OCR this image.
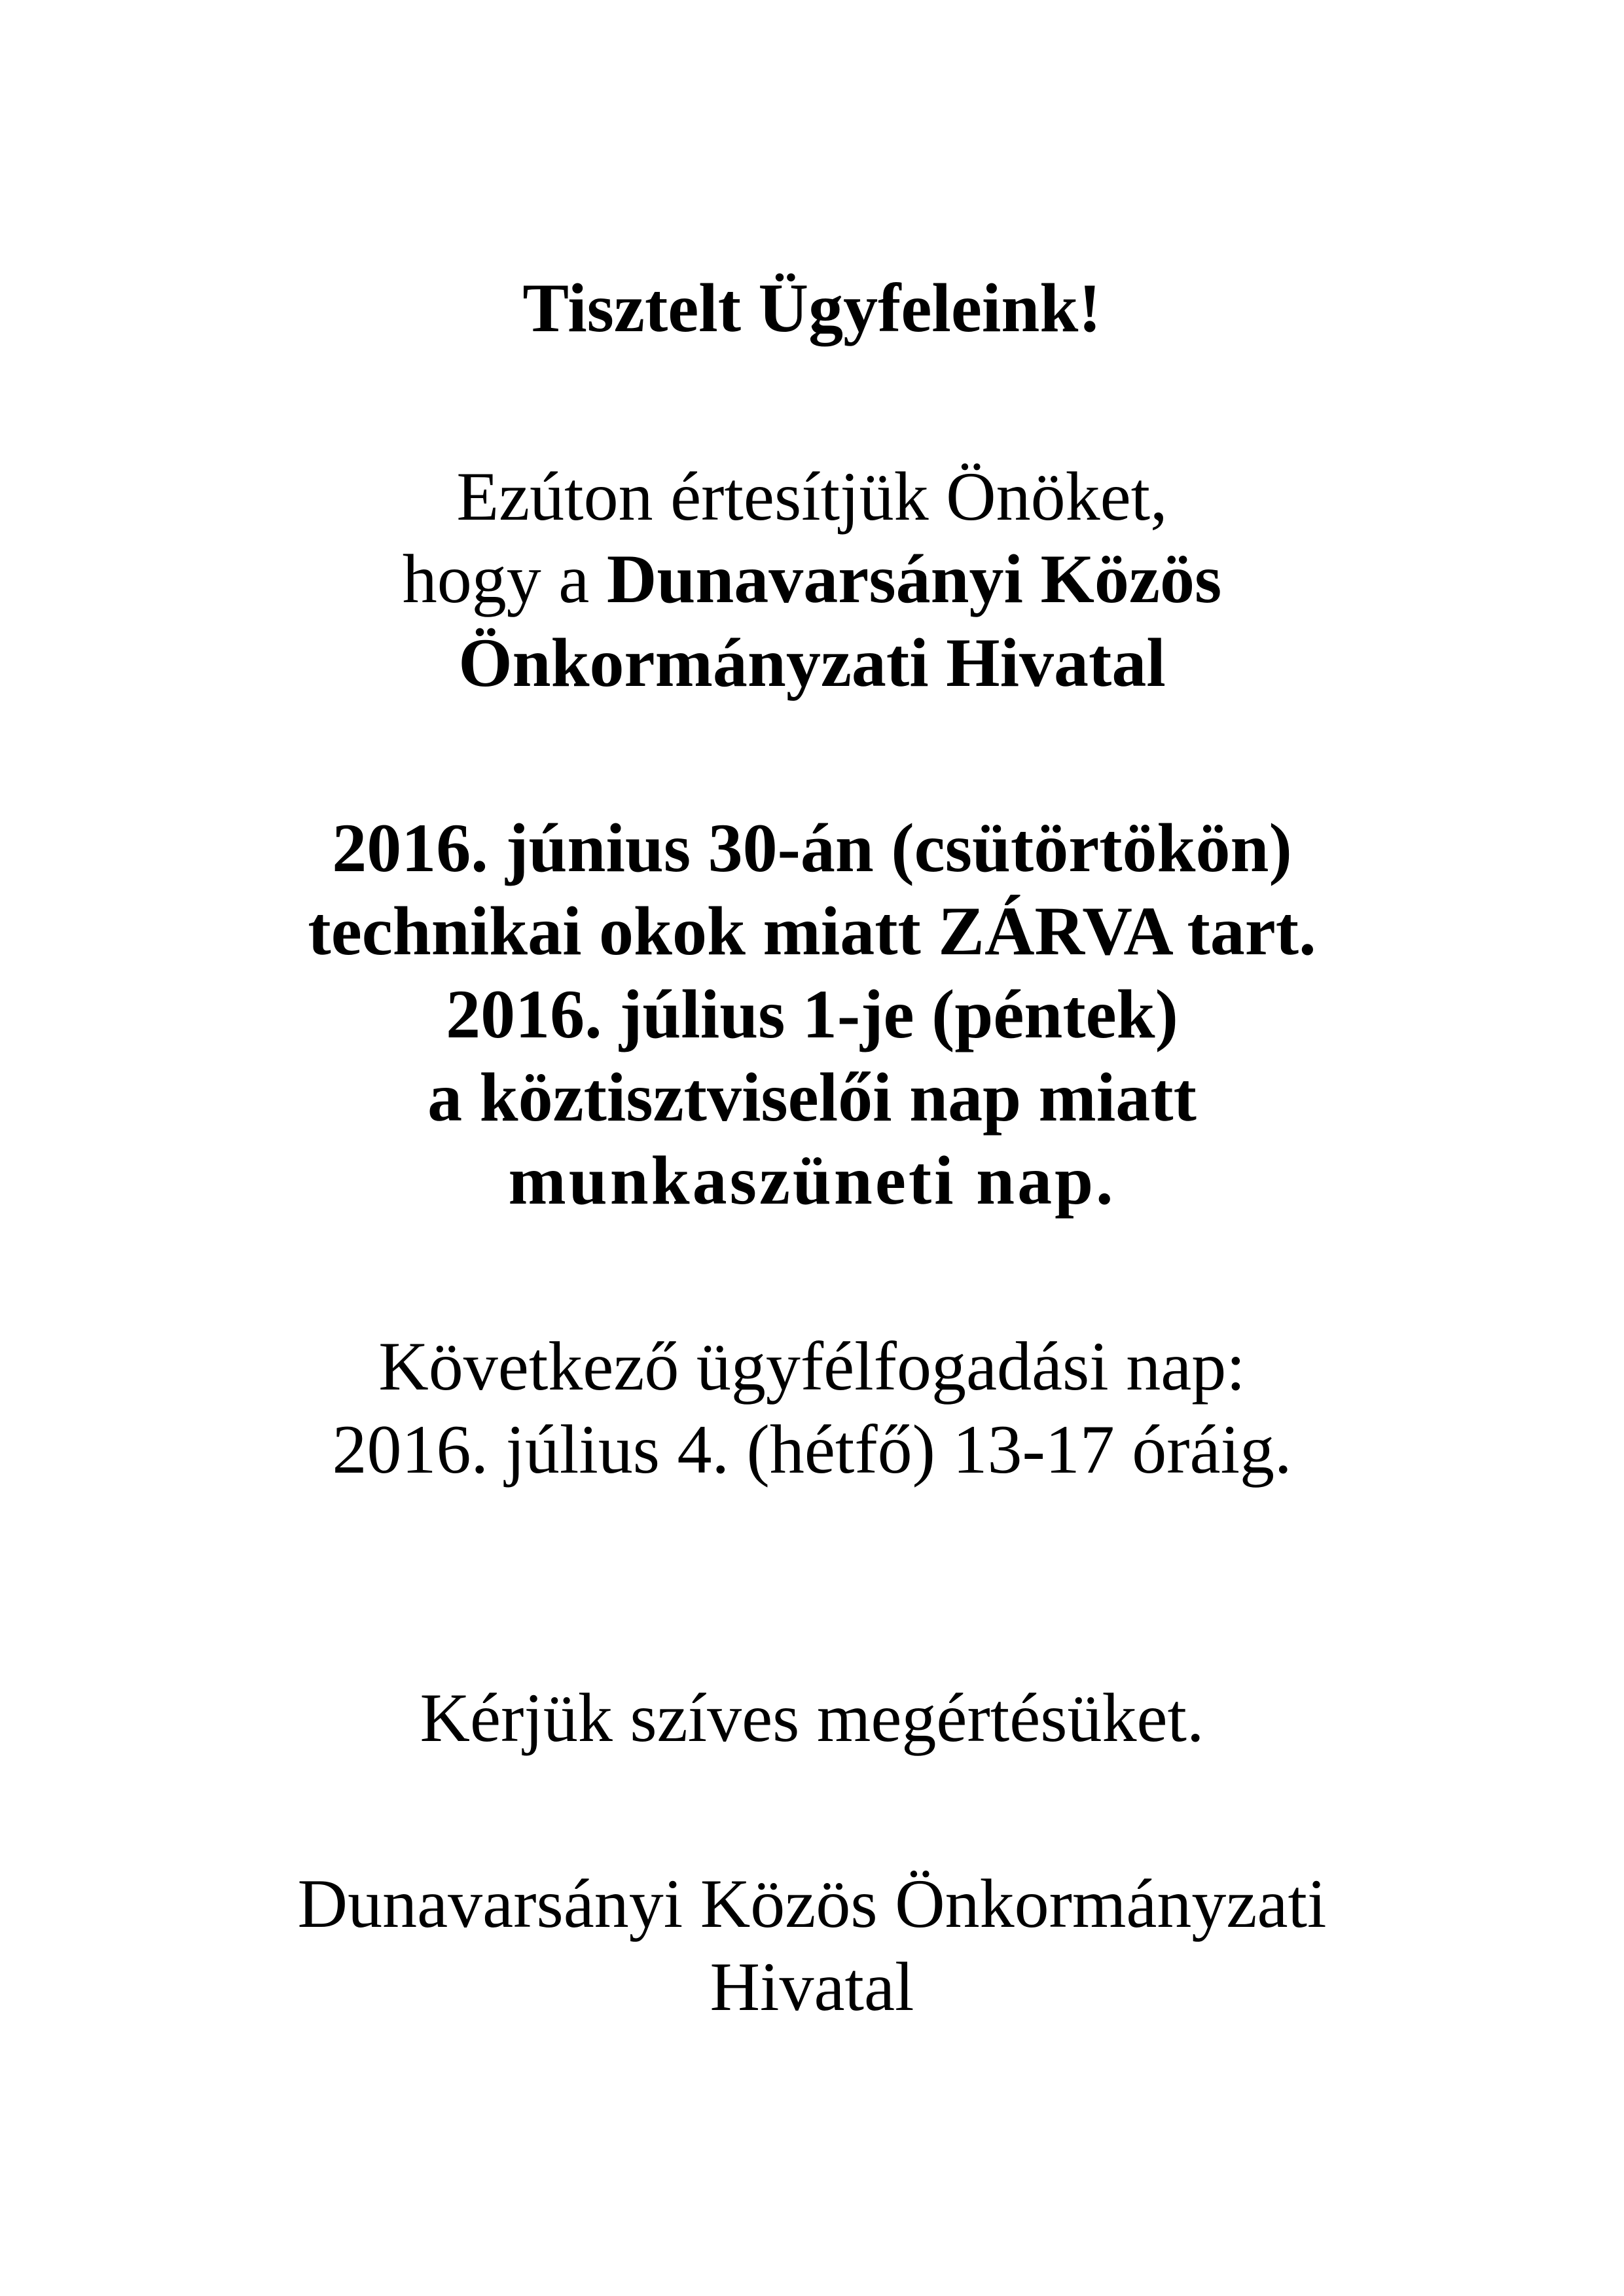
Tisztelt Ügyfeleink!
Ezúton értesítjük Önöket,
hogy a Dunavarsányi Közös
Önkormányzati Hivatal
2016. június 30-án (csütörtökön)
technikai okok miatt ZÁRVA tart.
2016. július 1-je (péntek)
a köztisztviselői nap miatt
munkaszüneti nap.
Következő ügyfélfogadási nap:
2016. július 4. (hétfő) 13-17 óráig.
Kérjük szíves megértésüket.
Dunavarsányi Közös Önkormányzati
Hivatal
